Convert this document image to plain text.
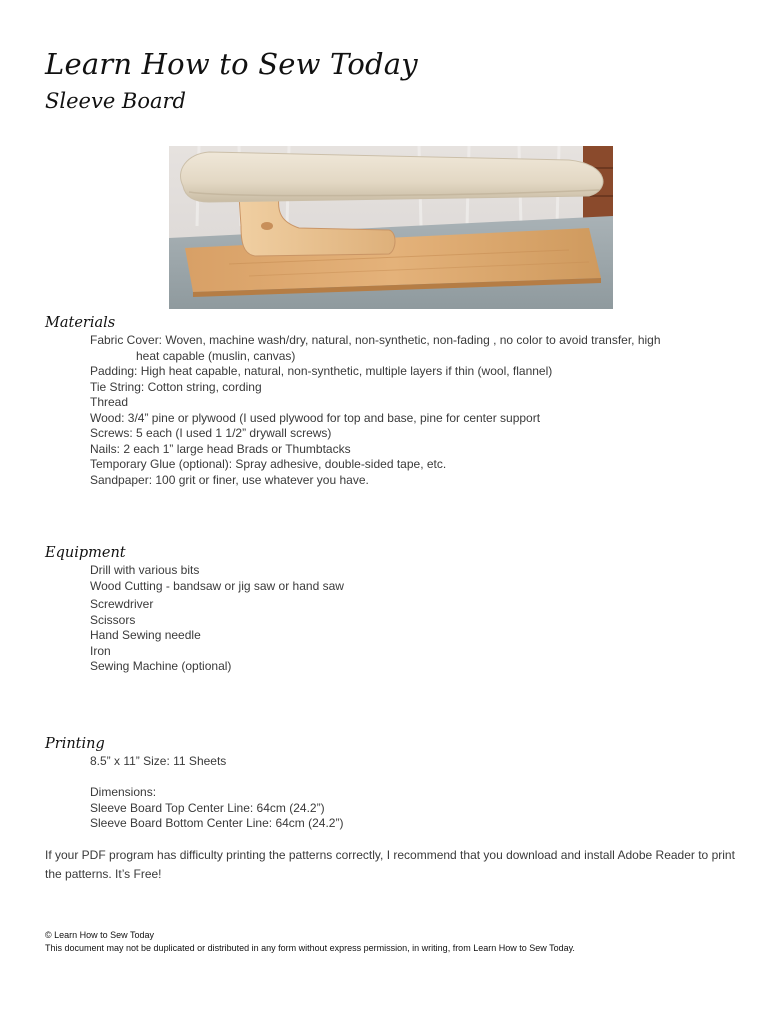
Learn How to Sew Today
Sleeve Board
Materials
Fabric Cover: Woven, machine wash/dry, natural, non-synthetic, non-fading , no color to avoid transfer, high
heat capable (muslin, canvas)
Padding: High heat capable, natural, non-synthetic, multiple layers if thin (wool, flannel)
Tie String: Cotton string, cording
Thread
Wood: 3/4” pine or plywood (I used plywood for top and base, pine for center support
Screws: 5 each (I used 1 1/2” drywall screws)
Nails: 2 each 1” large head Brads or Thumbtacks
Temporary Glue (optional): Spray adhesive, double-sided tape, etc.
Sandpaper: 100 grit or finer, use whatever you have.
Equipment
Drill with various bits
Wood Cutting - bandsaw or jig saw or hand saw
Screwdriver
Scissors
Hand Sewing needle
Iron
Sewing Machine (optional)
Printing
8.5” x 11” Size: 11 Sheets
Dimensions:
Sleeve Board Top Center Line: 64cm (24.2”)
Sleeve Board Bottom Center Line: 64cm (24.2”)

If your PDF program has difficulty printing the patterns correctly, I recommend that you download and install Adobe Reader to print the patterns. It’s Free!

© Learn How to Sew Today
This document may not be duplicated or distributed in any form without express permission, in writing, from Learn How to Sew Today.
